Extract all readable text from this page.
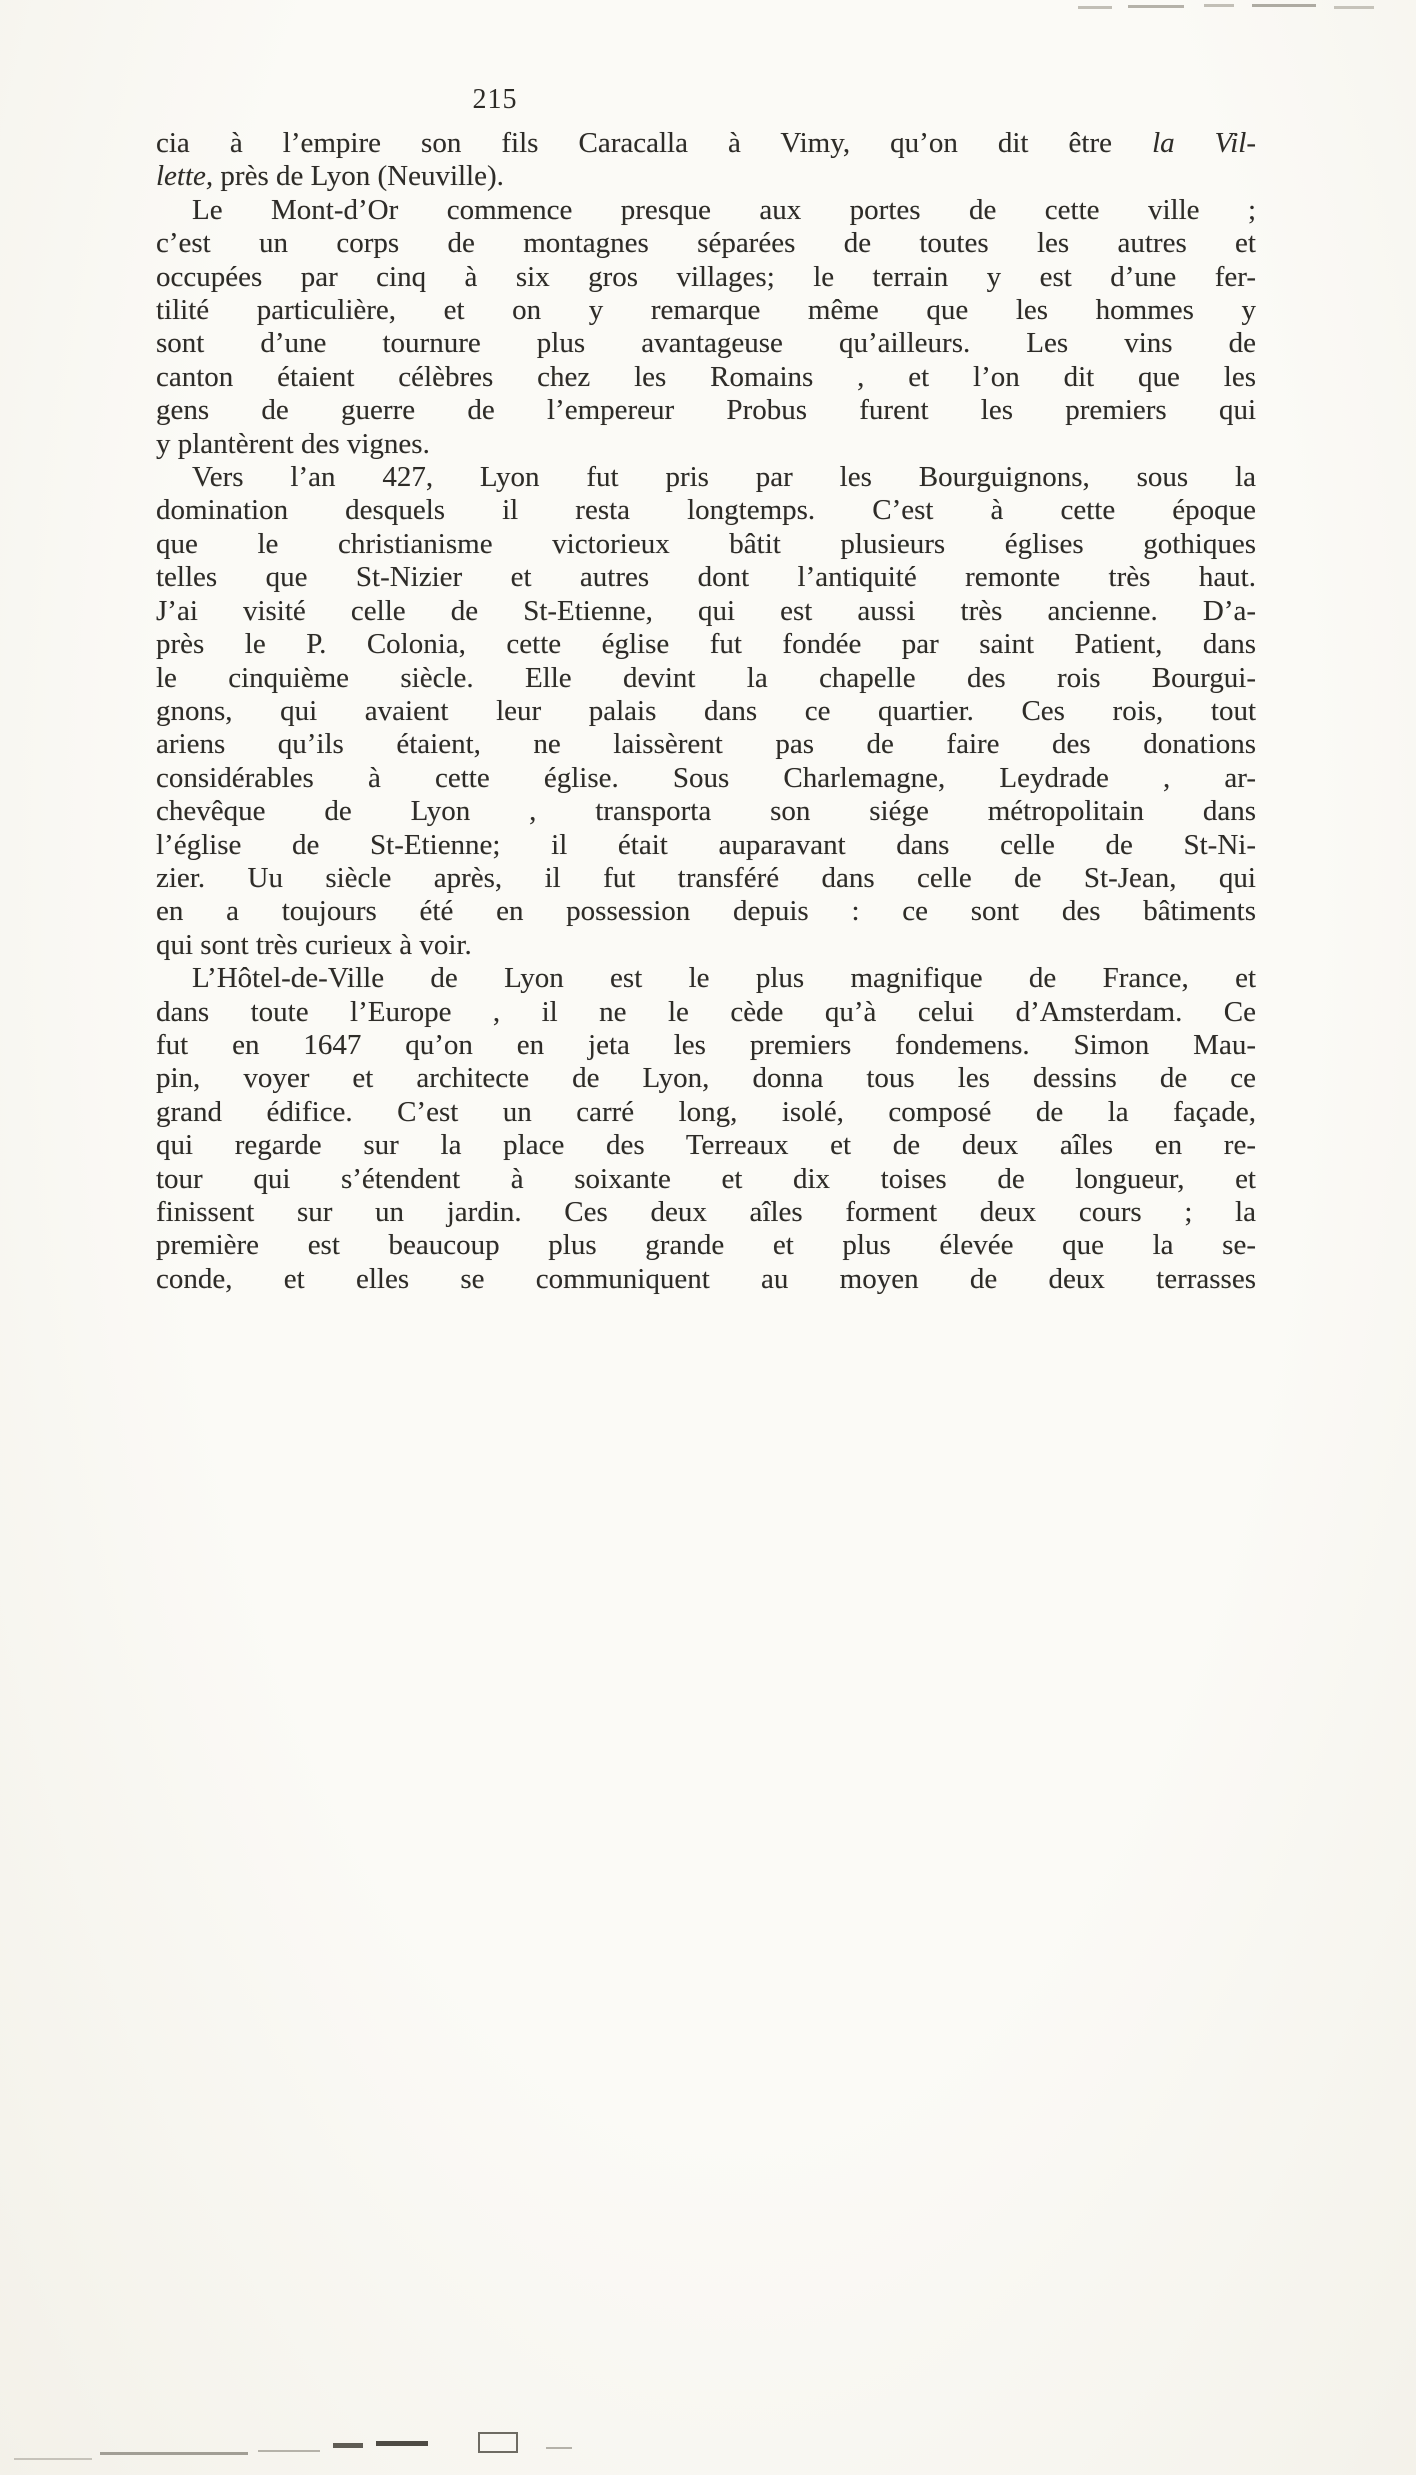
215
cia à l’empire son fils Caracalla à Vimy, qu’on dit être la Vil-
lette, près de Lyon (Neuville).
Le Mont-d’Or commence presque aux portes de cette ville ;
c’est un corps de montagnes séparées de toutes les autres et
occupées par cinq à six gros villages; le terrain y est d’une fer-
tilité particulière, et on y remarque même que les hommes y
sont d’une tournure plus avantageuse qu’ailleurs. Les vins de
canton étaient célèbres chez les Romains , et l’on dit que les
gens de guerre de l’empereur Probus furent les premiers qui
y plantèrent des vignes.
Vers l’an 427, Lyon fut pris par les Bourguignons, sous la
domination desquels il resta longtemps. C’est à cette époque
que le christianisme victorieux bâtit plusieurs églises gothiques
telles que St-Nizier et autres dont l’antiquité remonte très haut.
J’ai visité celle de St-Etienne, qui est aussi très ancienne. D’a-
près le P. Colonia, cette église fut fondée par saint Patient, dans
le cinquième siècle. Elle devint la chapelle des rois Bourgui-
gnons, qui avaient leur palais dans ce quartier. Ces rois, tout
ariens qu’ils étaient, ne laissèrent pas de faire des donations
considérables à cette église. Sous Charlemagne, Leydrade , ar-
chevêque de Lyon , transporta son siége métropolitain dans
l’église de St-Etienne; il était auparavant dans celle de St-Ni-
zier. Uu siècle après, il fut transféré dans celle de St-Jean, qui
en a toujours été en possession depuis : ce sont des bâtiments
qui sont très curieux à voir.
L’Hôtel-de-Ville de Lyon est le plus magnifique de France, et
dans toute l’Europe , il ne le cède qu’à celui d’Amsterdam. Ce
fut en 1647 qu’on en jeta les premiers fondemens. Simon Mau-
pin, voyer et architecte de Lyon, donna tous les dessins de ce
grand édifice. C’est un carré long, isolé, composé de la façade,
qui regarde sur la place des Terreaux et de deux aîles en re-
tour qui s’étendent à soixante et dix toises de longueur, et
finissent sur un jardin. Ces deux aîles forment deux cours ; la
première est beaucoup plus grande et plus élevée que la se-
conde, et elles se communiquent au moyen de deux terrasses
